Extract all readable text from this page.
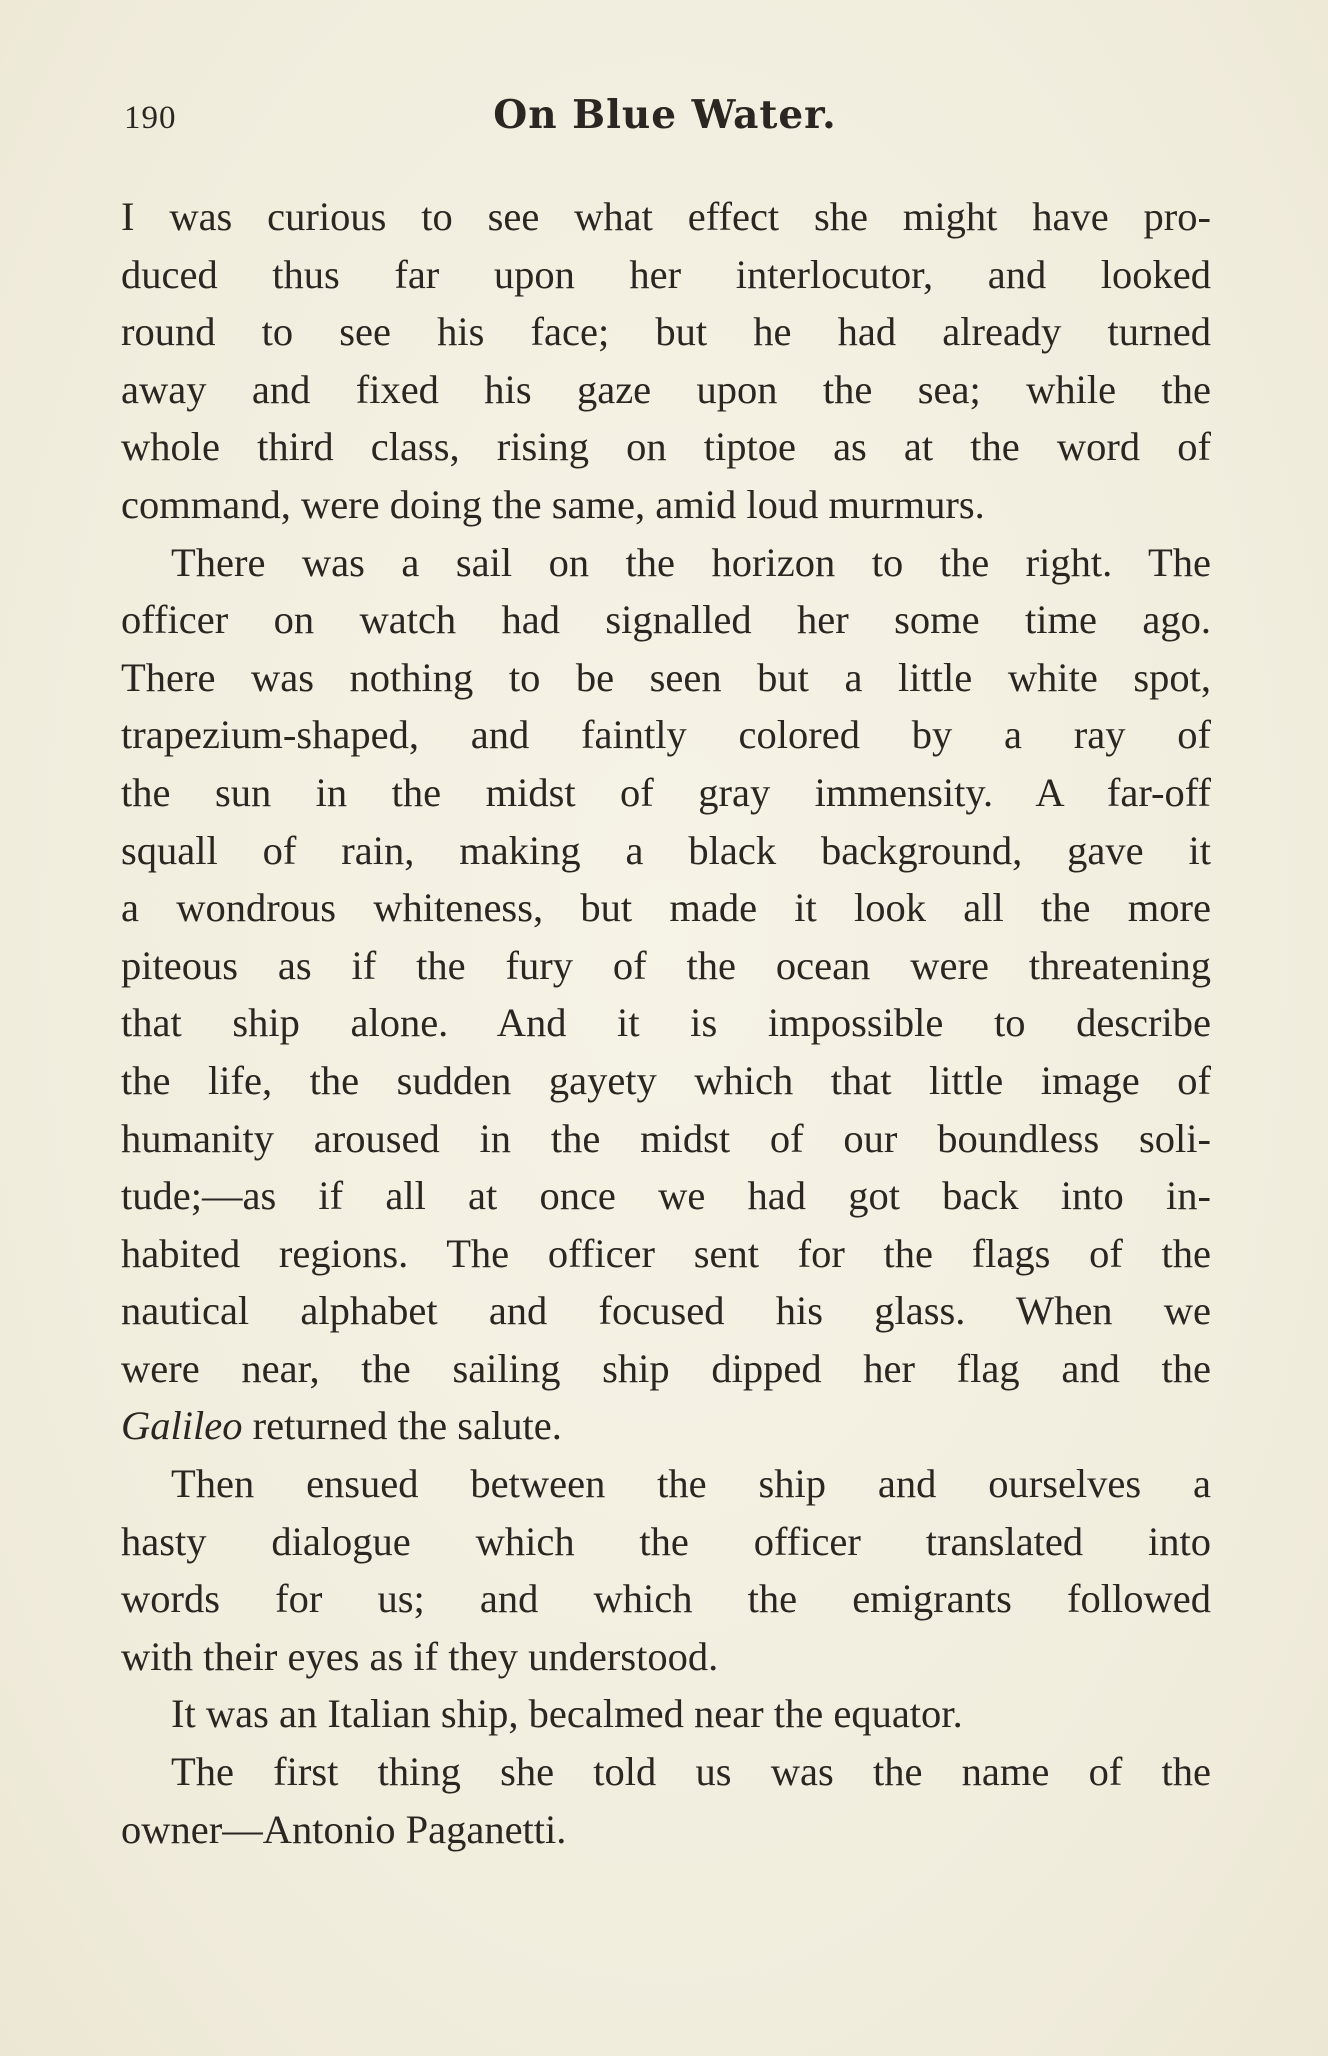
190	On Blue Water.
I was curious to see what effect she might have pro-
duced thus far upon her interlocutor, and looked
round to see his face; but he had already turned
away and fixed his gaze upon the sea; while the
whole third class, rising on tiptoe as at the word of
command, were doing the same, amid loud murmurs.
There was a sail on the horizon to the right. The
officer on watch had signalled her some time ago.
There was nothing to be seen but a little white spot,
trapezium-shaped, and faintly colored by a ray of
the sun in the midst of gray immensity. A far-off
squall of rain, making a black background, gave it
a wondrous whiteness, but made it look all the more
piteous as if the fury of the ocean were threatening
that ship alone. And it is impossible to describe
the life, the sudden gayety which that little image of
humanity aroused in the midst of our boundless soli-
tude;—as if all at once we had got back into in-
habited regions. The officer sent for the flags of the
nautical alphabet and focused his glass. When we
were near, the sailing ship dipped her flag and the
Galileo returned the salute.
Then ensued between the ship and ourselves a
hasty dialogue which the officer translated into
words for us; and which the emigrants followed
with their eyes as if they understood.
It was an Italian ship, becalmed near the equator.
The first thing she told us was the name of the
owner—Antonio Paganetti.
